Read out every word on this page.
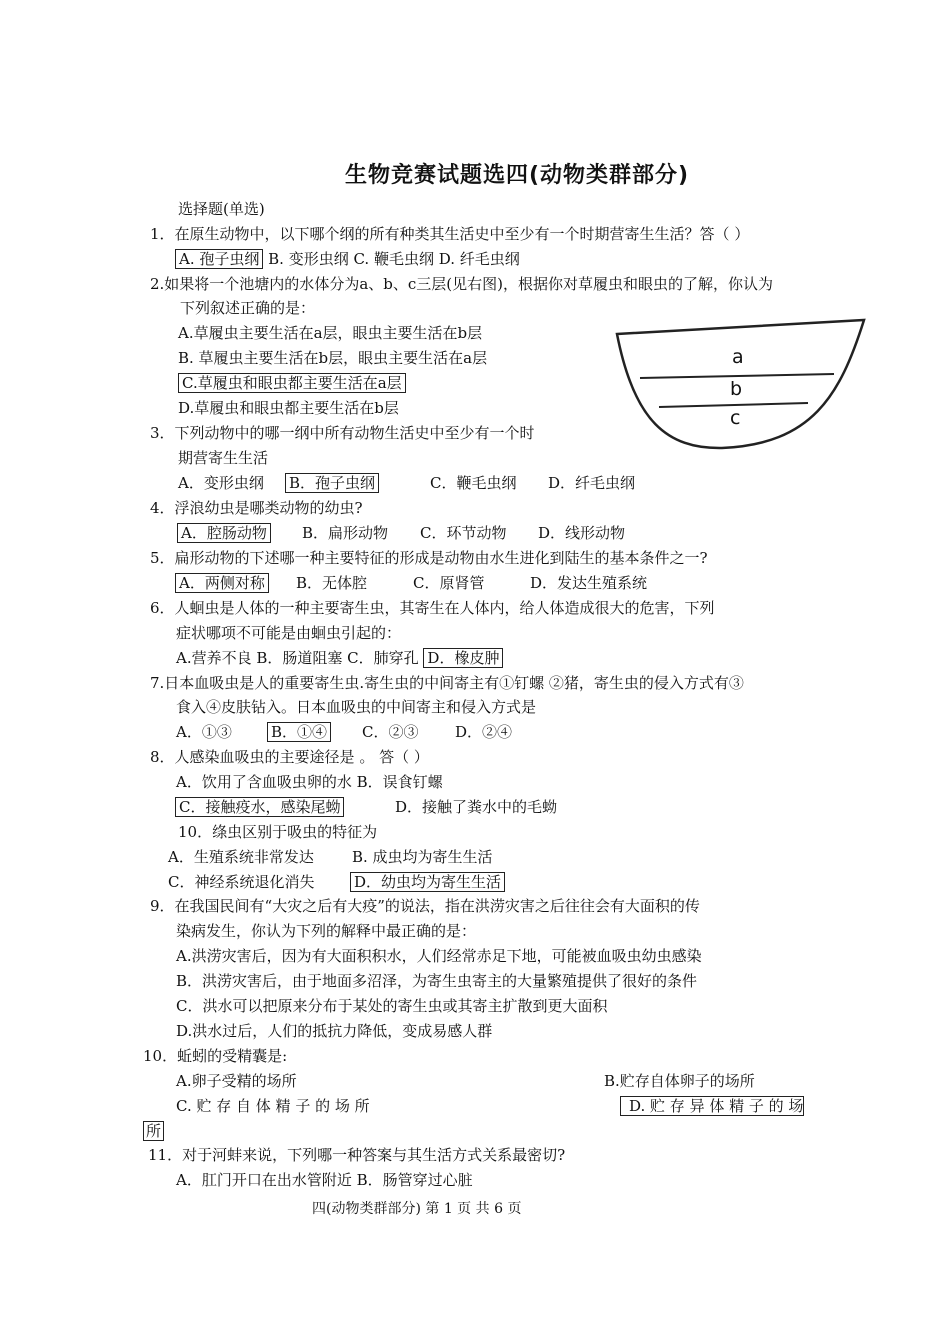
生物竞赛试题选四(动物类群部分)
选择题(单选)
1．在原生动物中，以下哪个纲的所有种类其生活史中至少有一个时期营寄生生活？答（ ）
A. 孢子虫纲 B. 变形虫纲 C. 鞭毛虫纲 D. 纤毛虫纲
2.如果将一个池塘内的水体分为a、b、c三层(见右图)，根据你对草履虫和眼虫的了解，你认为
下列叙述正确的是：
A.草履虫主要生活在a层，眼虫主要生活在b层
B. 草履虫主要生活在b层，眼虫主要生活在a层
C.草履虫和眼虫都主要生活在a层
D.草履虫和眼虫都主要生活在b层
a
b
c
3．下列动物中的哪一纲中所有动物生活史中至少有一个时
期营寄生生活
A．变形虫纲 B．孢子虫纲	C．鞭毛虫纲 D．纤毛虫纲
4．浮浪幼虫是哪类动物的幼虫?
A．腔肠动物 B．扁形动物 C．环节动物 D．线形动物
5．扁形动物的下述哪一种主要特征的形成是动物由水生进化到陆生的基本条件之一?
A．两侧对称 B．无体腔	C．原肾管	D．发达生殖系统
6．人蛔虫是人体的一种主要寄生虫，其寄生在人体内，给人体造成很大的危害，下列
症状哪项不可能是由蛔虫引起的：
A.营养不良 B．肠道阻塞 C．肺穿孔 D．橡皮肿
7.日本血吸虫是人的重要寄生虫.寄生虫的中间寄主有①钉螺 ②猪，寄生虫的侵入方式有③
食入④皮肤钻入。日本血吸虫的中间寄主和侵入方式是
A．①③	B．①④ C．②③ D．②④
8．人感染血吸虫的主要途径是 。 答（ ）
A．饮用了含血吸虫卵的水 B．误食钉螺
C．接触疫水，感染尾蚴	D．接触了粪水中的毛蚴
10．绦虫区别于吸虫的特征为
A．生殖系统非常发达	B. 成虫均为寄生生活
C．神经系统退化消失	D．幼虫均为寄生生活
9．在我国民间有“大灾之后有大疫”的说法，指在洪涝灾害之后往往会有大面积的传
染病发生，你认为下列的解释中最正确的是：
A.洪涝灾害后，因为有大面积积水，人们经常赤足下地，可能被血吸虫幼虫感染
B．洪涝灾害后，由于地面多沼泽，为寄生虫寄主的大量繁殖提供了很好的条件
C．洪水可以把原来分布于某处的寄生虫或其寄主扩散到更大面积
D.洪水过后，人们的抵抗力降低，变成易感人群
10．蚯蚓的受精囊是:
A.卵子受精的场所	B.贮存自体卵子的场所
C. 贮 存 自 体 精 子 的 场 所	D. 贮 存 异 体 精 子 的 场
所
11．对于河蚌来说，下列哪一种答案与其生活方式关系最密切?
A．肛门开口在出水管附近 B．肠管穿过心脏
四(动物类群部分) 第 1 页 共 6 页
